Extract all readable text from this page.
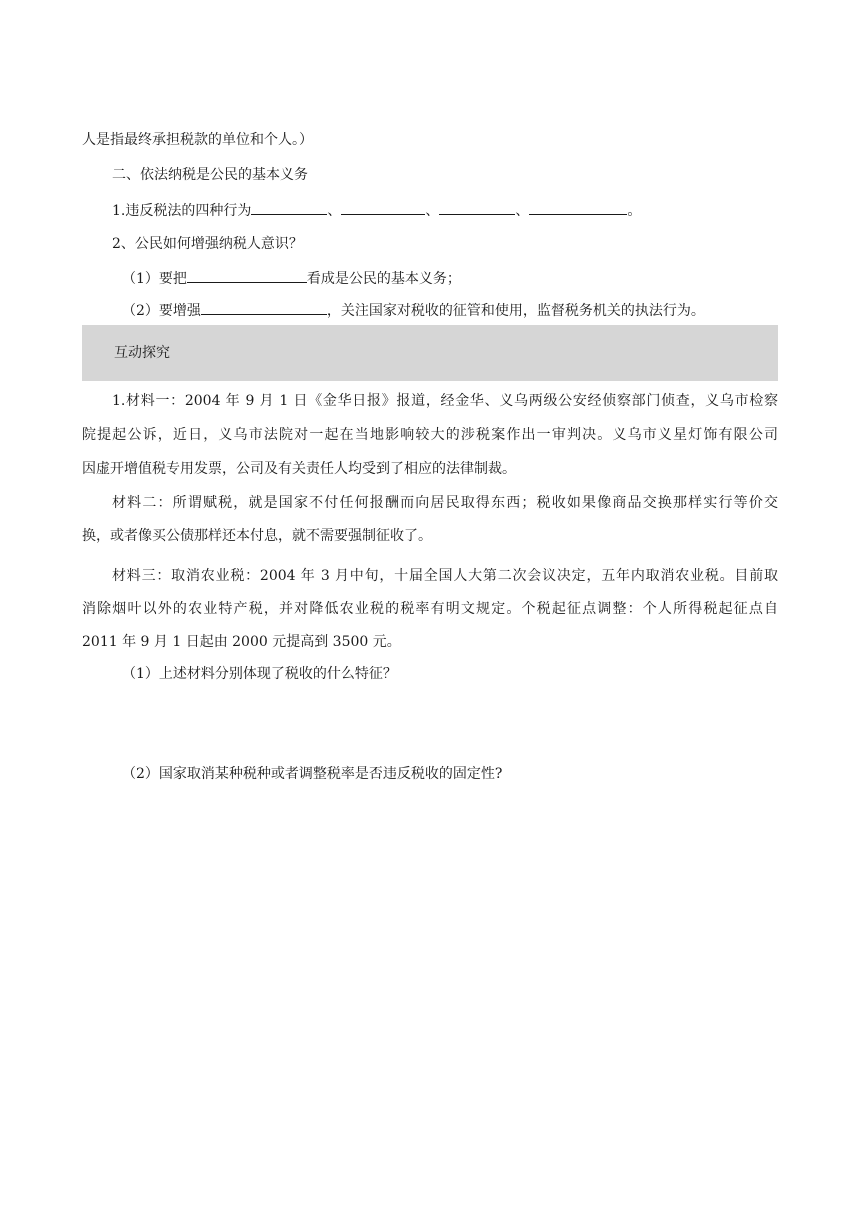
人是指最终承担税款的单位和个人。）
二、依法纳税是公民的基本义务
1.违反税法的四种行为	、	、	、	。
2、公民如何增强纳税人意识？
（1）要把	看成是公民的基本义务；
（2）要增强	，关注国家对税收的征管和使用，监督税务机关的执法行为。
互动探究
1.材料一：2004 年 9 月 1 日《金华日报》报道，经金华、义乌两级公安经侦察部门侦查，义乌市检察
院提起公诉，近日，义乌市法院对一起在当地影响较大的涉税案作出一审判决。义乌市义星灯饰有限公司
因虚开增值税专用发票，公司及有关责任人均受到了相应的法律制裁。
材料二：所谓赋税，就是国家不付任何报酬而向居民取得东西；税收如果像商品交换那样实行等价交
换，或者像买公债那样还本付息，就不需要强制征收了。
材料三：取消农业税：2004 年 3 月中旬，十届全国人大第二次会议决定，五年内取消农业税。目前取
消除烟叶以外的农业特产税，并对降低农业税的税率有明文规定。个税起征点调整：个人所得税起征点自
2011 年 9 月 1 日起由 2000 元提高到 3500 元。
（1）上述材料分别体现了税收的什么特征？
（2）国家取消某种税种或者调整税率是否违反税收的固定性?
